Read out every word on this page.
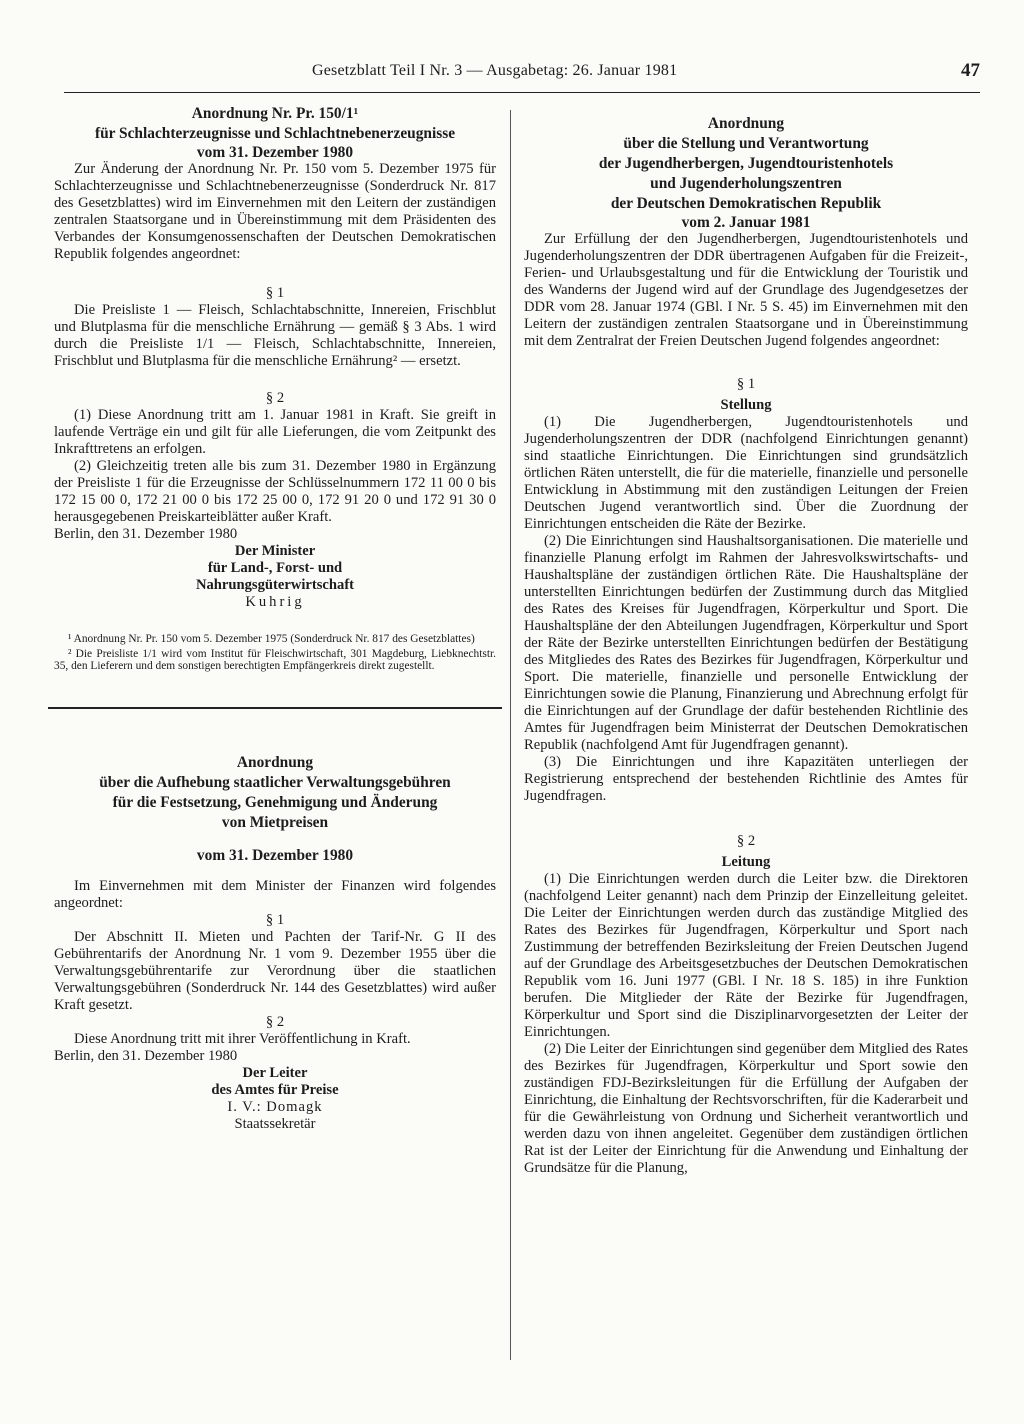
Gesetzblatt Teil I Nr. 3 — Ausgabetag: 26. Januar 1981	47

Anordnung Nr. Pr. 150/1¹

für Schlachterzeugnisse und Schlachtnebenerzeugnisse

vom 31. Dezember 1980

Zur Änderung der Anordnung Nr. Pr. 150 vom 5. Dezember 1975 für Schlachterzeugnisse und Schlachtnebenerzeugnisse (Sonderdruck Nr. 817 des Gesetzblattes) wird im Einvernehmen mit den Leitern der zuständigen zentralen Staatsorgane und in Übereinstimmung mit dem Präsidenten des Verbandes der Konsumgenossenschaften der Deutschen Demokratischen Republik folgendes angeordnet:

§ 1

Die Preisliste 1 — Fleisch, Schlachtabschnitte, Innereien, Frischblut und Blutplasma für die menschliche Ernährung — gemäß § 3 Abs. 1 wird durch die Preisliste 1/1 — Fleisch, Schlachtabschnitte, Innereien, Frischblut und Blutplasma für die menschliche Ernährung² — ersetzt.

§ 2

(1) Diese Anordnung tritt am 1. Januar 1981 in Kraft. Sie greift in laufende Verträge ein und gilt für alle Lieferungen, die vom Zeitpunkt des Inkrafttretens an erfolgen.

(2) Gleichzeitig treten alle bis zum 31. Dezember 1980 in Ergänzung der Preisliste 1 für die Erzeugnisse der Schlüsselnummern 172 11 00 0 bis 172 15 00 0, 172 21 00 0 bis 172 25 00 0, 172 91 20 0 und 172 91 30 0 herausgegebenen Preiskarteiblätter außer Kraft.

Berlin, den 31. Dezember 1980

Der Minister

für Land-, Forst- und

Nahrungsgüterwirtschaft

Kuhrig

¹ Anordnung Nr. Pr. 150 vom 5. Dezember 1975 (Sonderdruck Nr. 817 des Gesetzblattes)

² Die Preisliste 1/1 wird vom Institut für Fleischwirtschaft, 301 Magdeburg, Liebknechtstr. 35, den Lieferern und dem sonstigen berechtigten Empfängerkreis direkt zugestellt.

Anordnung

über die Aufhebung staatlicher Verwaltungsgebühren

für die Festsetzung, Genehmigung und Änderung

von Mietpreisen

vom 31. Dezember 1980

Im Einvernehmen mit dem Minister der Finanzen wird folgendes angeordnet:

§ 1

Der Abschnitt II. Mieten und Pachten der Tarif-Nr. G II des Gebührentarifs der Anordnung Nr. 1 vom 9. Dezember 1955 über die Verwaltungsgebührentarife zur Verordnung über die staatlichen Verwaltungsgebühren (Sonderdruck Nr. 144 des Gesetzblattes) wird außer Kraft gesetzt.

§ 2

Diese Anordnung tritt mit ihrer Veröffentlichung in Kraft.

Berlin, den 31. Dezember 1980

Der Leiter

des Amtes für Preise

I. V.: Domagk

Staatssekretär

Anordnung

über die Stellung und Verantwortung

der Jugendherbergen, Jugendtouristenhotels

und Jugenderholungszentren

der Deutschen Demokratischen Republik

vom 2. Januar 1981

Zur Erfüllung der den Jugendherbergen, Jugendtouristenhotels und Jugenderholungszentren der DDR übertragenen Aufgaben für die Freizeit-, Ferien- und Urlaubsgestaltung und für die Entwicklung der Touristik und des Wanderns der Jugend wird auf der Grundlage des Jugendgesetzes der DDR vom 28. Januar 1974 (GBl. I Nr. 5 S. 45) im Einvernehmen mit den Leitern der zuständigen zentralen Staatsorgane und in Übereinstimmung mit dem Zentralrat der Freien Deutschen Jugend folgendes angeordnet:

§ 1

Stellung

(1) Die Jugendherbergen, Jugendtouristenhotels und Jugenderholungszentren der DDR (nachfolgend Einrichtungen genannt) sind staatliche Einrichtungen. Die Einrichtungen sind grundsätzlich örtlichen Räten unterstellt, die für die materielle, finanzielle und personelle Entwicklung in Abstimmung mit den zuständigen Leitungen der Freien Deutschen Jugend verantwortlich sind. Über die Zuordnung der Einrichtungen entscheiden die Räte der Bezirke.

(2) Die Einrichtungen sind Haushaltsorganisationen. Die materielle und finanzielle Planung erfolgt im Rahmen der Jahresvolkswirtschafts- und Haushaltspläne der zuständigen örtlichen Räte. Die Haushaltspläne der unterstellten Einrichtungen bedürfen der Zustimmung durch das Mitglied des Rates des Kreises für Jugendfragen, Körperkultur und Sport. Die Haushaltspläne der den Abteilungen Jugendfragen, Körperkultur und Sport der Räte der Bezirke unterstellten Einrichtungen bedürfen der Bestätigung des Mitgliedes des Rates des Bezirkes für Jugendfragen, Körperkultur und Sport. Die materielle, finanzielle und personelle Entwicklung der Einrichtungen sowie die Planung, Finanzierung und Abrechnung erfolgt für die Einrichtungen auf der Grundlage der dafür bestehenden Richtlinie des Amtes für Jugendfragen beim Ministerrat der Deutschen Demokratischen Republik (nachfolgend Amt für Jugendfragen genannt).

(3) Die Einrichtungen und ihre Kapazitäten unterliegen der Registrierung entsprechend der bestehenden Richtlinie des Amtes für Jugendfragen.

§ 2

Leitung

(1) Die Einrichtungen werden durch die Leiter bzw. die Direktoren (nachfolgend Leiter genannt) nach dem Prinzip der Einzelleitung geleitet. Die Leiter der Einrichtungen werden durch das zuständige Mitglied des Rates des Bezirkes für Jugendfragen, Körperkultur und Sport nach Zustimmung der betreffenden Bezirksleitung der Freien Deutschen Jugend auf der Grundlage des Arbeitsgesetzbuches der Deutschen Demokratischen Republik vom 16. Juni 1977 (GBl. I Nr. 18 S. 185) in ihre Funktion berufen. Die Mitglieder der Räte der Bezirke für Jugendfragen, Körperkultur und Sport sind die Disziplinarvorgesetzten der Leiter der Einrichtungen.

(2) Die Leiter der Einrichtungen sind gegenüber dem Mitglied des Rates des Bezirkes für Jugendfragen, Körperkultur und Sport sowie den zuständigen FDJ-Bezirksleitungen für die Erfüllung der Aufgaben der Einrichtung, die Einhaltung der Rechtsvorschriften, für die Kaderarbeit und für die Gewährleistung von Ordnung und Sicherheit verantwortlich und werden dazu von ihnen angeleitet. Gegenüber dem zuständigen örtlichen Rat ist der Leiter der Einrichtung für die Anwendung und Einhaltung der Grundsätze für die Planung,
